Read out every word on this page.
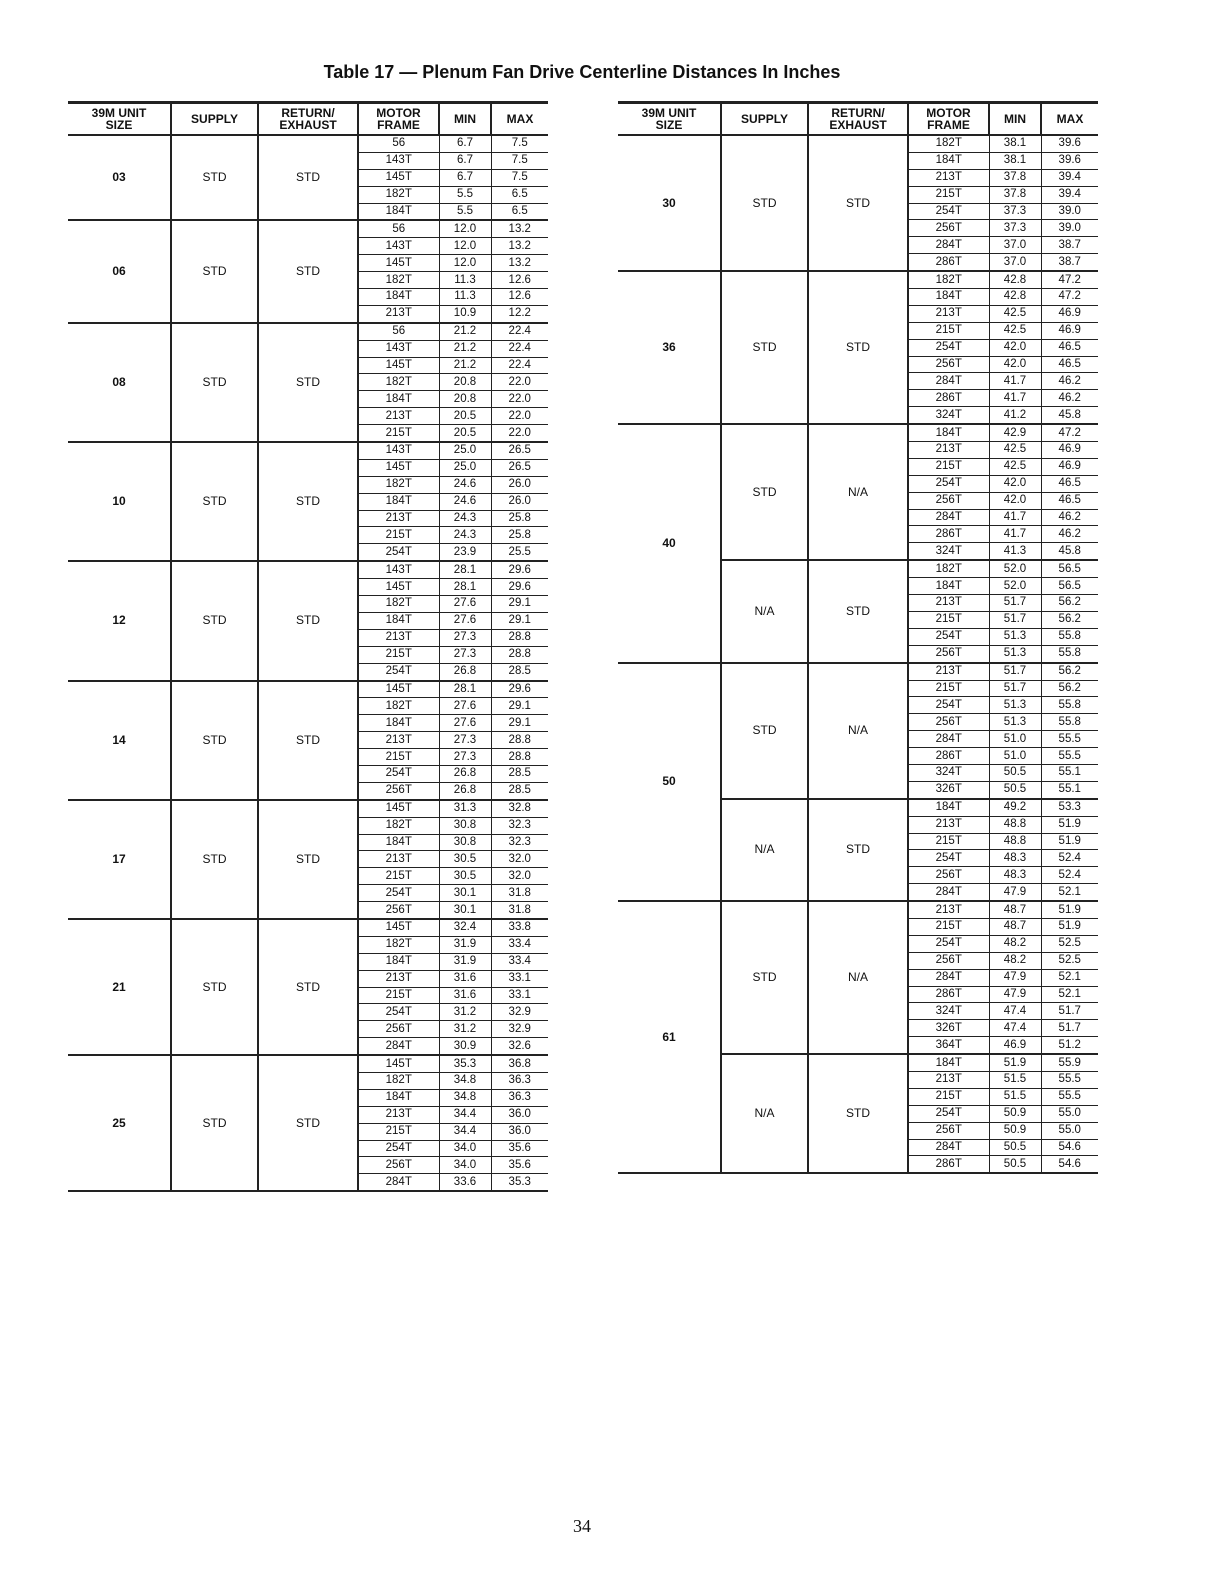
Table 17 — Plenum Fan Drive Centerline Distances In Inches
39M UNIT
SIZE	SUPPLY	RETURN/
EXHAUST	MOTOR
FRAME	MIN	MAX
03	STD	STD	56	6.7	7.5
			143T	6.7	7.5
			145T	6.7	7.5
			182T	5.5	6.5
			184T	5.5	6.5
06	STD	STD	56	12.0	13.2
			143T	12.0	13.2
			145T	12.0	13.2
			182T	11.3	12.6
			184T	11.3	12.6
			213T	10.9	12.2
08	STD	STD	56	21.2	22.4
			143T	21.2	22.4
			145T	21.2	22.4
			182T	20.8	22.0
			184T	20.8	22.0
			213T	20.5	22.0
			215T	20.5	22.0
10	STD	STD	143T	25.0	26.5
			145T	25.0	26.5
			182T	24.6	26.0
			184T	24.6	26.0
			213T	24.3	25.8
			215T	24.3	25.8
			254T	23.9	25.5
12	STD	STD	143T	28.1	29.6
			145T	28.1	29.6
			182T	27.6	29.1
			184T	27.6	29.1
			213T	27.3	28.8
			215T	27.3	28.8
			254T	26.8	28.5
14	STD	STD	145T	28.1	29.6
			182T	27.6	29.1
			184T	27.6	29.1
			213T	27.3	28.8
			215T	27.3	28.8
			254T	26.8	28.5
			256T	26.8	28.5
17	STD	STD	145T	31.3	32.8
			182T	30.8	32.3
			184T	30.8	32.3
			213T	30.5	32.0
			215T	30.5	32.0
			254T	30.1	31.8
			256T	30.1	31.8
21	STD	STD	145T	32.4	33.8
			182T	31.9	33.4
			184T	31.9	33.4
			213T	31.6	33.1
			215T	31.6	33.1
			254T	31.2	32.9
			256T	31.2	32.9
			284T	30.9	32.6
25	STD	STD	145T	35.3	36.8
			182T	34.8	36.3
			184T	34.8	36.3
			213T	34.4	36.0
			215T	34.4	36.0
			254T	34.0	35.6
			256T	34.0	35.6
			284T	33.6	35.3
39M UNIT
SIZE	SUPPLY	RETURN/
EXHAUST	MOTOR
FRAME	MIN	MAX
30	STD	STD	182T	38.1	39.6
			184T	38.1	39.6
			213T	37.8	39.4
			215T	37.8	39.4
			254T	37.3	39.0
			256T	37.3	39.0
			284T	37.0	38.7
			286T	37.0	38.7
36	STD	STD	182T	42.8	47.2
			184T	42.8	47.2
			213T	42.5	46.9
			215T	42.5	46.9
			254T	42.0	46.5
			256T	42.0	46.5
			284T	41.7	46.2
			286T	41.7	46.2
			324T	41.2	45.8
40	STD	N/A	184T	42.9	47.2
			213T	42.5	46.9
			215T	42.5	46.9
			254T	42.0	46.5
			256T	42.0	46.5
			284T	41.7	46.2
			286T	41.7	46.2
			324T	41.3	45.8
	N/A	STD	182T	52.0	56.5
			184T	52.0	56.5
			213T	51.7	56.2
			215T	51.7	56.2
			254T	51.3	55.8
			256T	51.3	55.8
50	STD	N/A	213T	51.7	56.2
			215T	51.7	56.2
			254T	51.3	55.8
			256T	51.3	55.8
			284T	51.0	55.5
			286T	51.0	55.5
			324T	50.5	55.1
			326T	50.5	55.1
	N/A	STD	184T	49.2	53.3
			213T	48.8	51.9
			215T	48.8	51.9
			254T	48.3	52.4
			256T	48.3	52.4
			284T	47.9	52.1
61	STD	N/A	213T	48.7	51.9
			215T	48.7	51.9
			254T	48.2	52.5
			256T	48.2	52.5
			284T	47.9	52.1
			286T	47.9	52.1
			324T	47.4	51.7
			326T	47.4	51.7
			364T	46.9	51.2
	N/A	STD	184T	51.9	55.9
			213T	51.5	55.5
			215T	51.5	55.5
			254T	50.9	55.0
			256T	50.9	55.0
			284T	50.5	54.6
			286T	50.5	54.6
34
